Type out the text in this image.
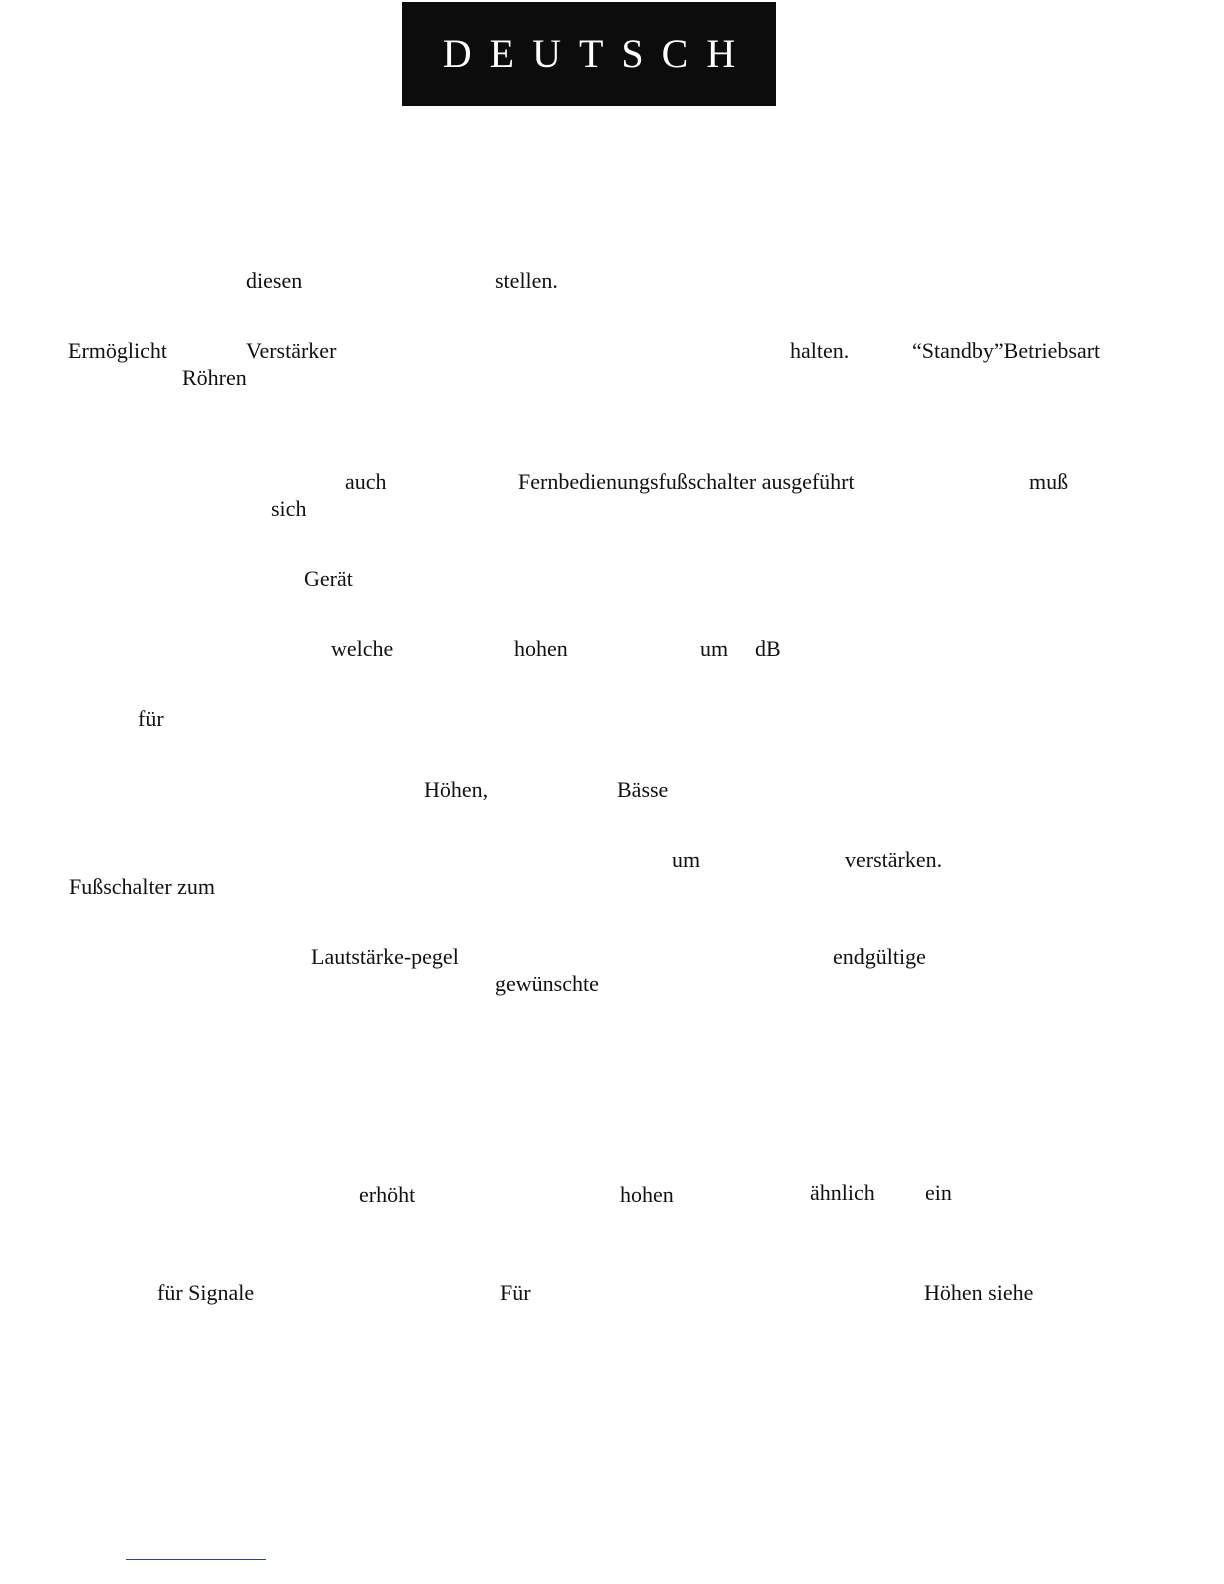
DEUTSCH
diesen	stellen.
Ermöglicht	Verstärker	halten.	“Standby”Betriebsart
Röhren
auch	Fernbedienungsfußschalter ausgeführt	muß
sich
Gerät
welche	hohen	um dB
für
Höhen,	Bässe
um	verstärken.
Fußschalter zum
Lautstärke-pegel	endgültige
gewünschte
erhöht	hohen	ähnlich ein
für Signale	Für	Höhen siehe
